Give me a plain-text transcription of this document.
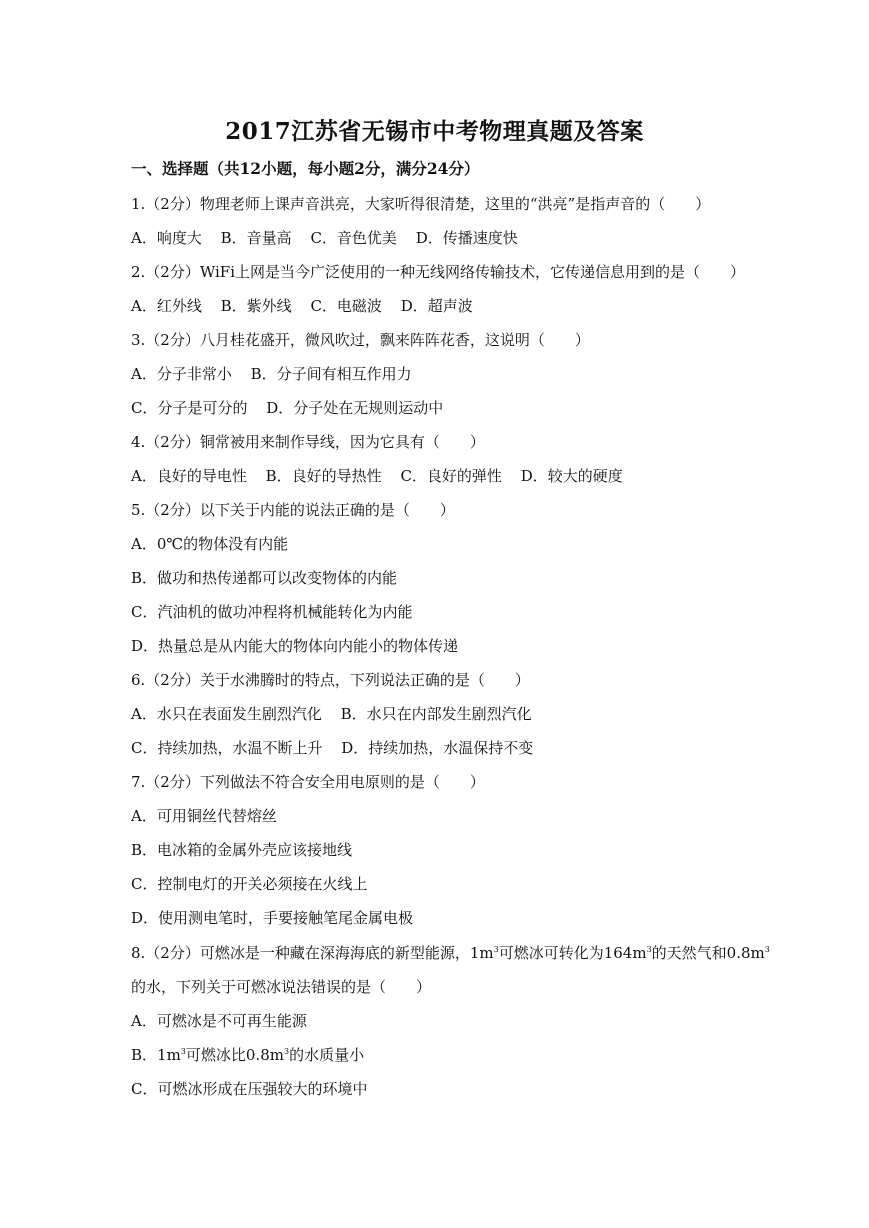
2017江苏省无锡市中考物理真题及答案
一、选择题（共12小题，每小题2分，满分24分）
1.（2分）物理老师上课声音洪亮，大家听得很清楚，这里的“洪亮”是指声音的（　　）
A．响度大 B．音量高 C．音色优美 D．传播速度快
2.（2分）WiFi上网是当今广泛使用的一种无线网络传输技术，它传递信息用到的是（　　）
A．红外线 B．紫外线 C．电磁波 D．超声波
3.（2分）八月桂花盛开，微风吹过，飘来阵阵花香，这说明（　　）
A．分子非常小 B．分子间有相互作用力
C．分子是可分的 D．分子处在无规则运动中
4.（2分）铜常被用来制作导线，因为它具有（　　）
A．良好的导电性 B．良好的导热性 C．良好的弹性 D．较大的硬度
5.（2分）以下关于内能的说法正确的是（　　）
A．0℃的物体没有内能
B．做功和热传递都可以改变物体的内能
C．汽油机的做功冲程将机械能转化为内能
D．热量总是从内能大的物体向内能小的物体传递
6.（2分）关于水沸腾时的特点，下列说法正确的是（　　）
A．水只在表面发生剧烈汽化 B．水只在内部发生剧烈汽化
C．持续加热，水温不断上升 D．持续加热，水温保持不变
7.（2分）下列做法不符合安全用电原则的是（　　）
A．可用铜丝代替熔丝
B．电冰箱的金属外壳应该接地线
C．控制电灯的开关必须接在火线上
D．使用测电笔时，手要接触笔尾金属电极
8.（2分）可燃冰是一种藏在深海海底的新型能源，$1m^3$可燃冰可转化为$164m^3$的天然气和$0.8m^3$
的水，下列关于可燃冰说法错误的是（　　）
A．可燃冰是不可再生能源
B．$1m^3$可燃冰比$0.8m^3$的水质量小
C．可燃冰形成在压强较大的环境中
